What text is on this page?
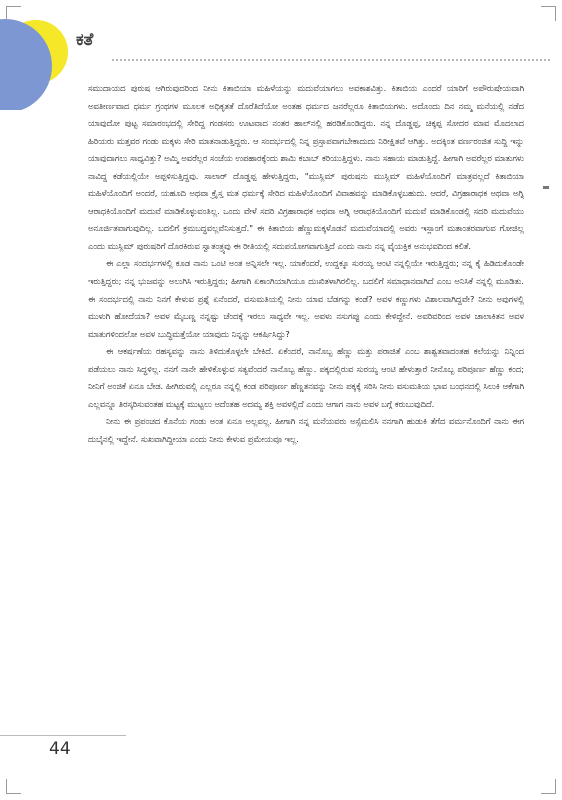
ಕತೆ

ಸಮುದಾಯದ ಪುರುಷ ಆಗಿರುವುದರಿಂದ ನೀನು ಕಿತಾಬಿಯಾ ಮಹಿಳೆಯನ್ನು ಮದುವೆಯಾಗಲು ಅವಕಾಶವಿತ್ತು. ಕಿತಾಬಿಯ ಎಂದರೆ ಯಾರಿಗೆ ಅಪೌರುಷೇಯವಾಗಿ ಅವತೀರ್ಣವಾದ ಧರ್ಮ ಗ್ರಂಥಗಳ ಮೂಲಕ ಅಧಿಕೃತತೆ ದೊರೆತಿದೆಯೋ ಅಂತಹ ಧರ್ಮದ ಜನರೆಲ್ಲರೂ ಕಿತಾಬಿಯಗಳು. ಅದೊಂದು ದಿನ ನಮ್ಮ ಮನೆಯಲ್ಲಿ ನಡೆದ ಯಾವುದೋ ಪುಟ್ಟ ಸಮಾರಂಭದಲ್ಲಿ ಸೇರಿದ್ದ ಗಂಡಸರು ಊಟವಾದ ನಂತರ ಹಾಲ್‌ನಲ್ಲಿ ಹರಡಿಕೊಂಡಿದ್ದರು. ನನ್ನ ದೊಡ್ಡಪ್ಪ, ಚಿಕ್ಕಪ್ಪ ಸೋದರ ಮಾವ ಮೊದಲಾದ ಹಿರಿಯರು ಮತ್ತವರ ಗಂಡು ಮಕ್ಕಳು ಸೇರಿ ಮಾತನಾಡುತ್ತಿದ್ದರು. ಆ ಸಂದರ್ಭದಲ್ಲಿ ನಿನ್ನ ಪ್ರಸ್ತಾಪವಾಗಬೇಕಾದುದು ನಿರೀಕ್ಷಿತವೆ ಆಗಿತ್ತು. ಅದಕ್ಕಿಂತ ವರ್ಣರಂಜಿತ ಸುದ್ದಿ ಇನ್ನು ಯಾವುದಾಗಲು ಸಾಧ್ಯವಿತ್ತು? ಅಮ್ಮಿ ಅವರೆಲ್ಲರ ಸಂಜೆಯ ಉಪಹಾರಕ್ಕೆಂದು ಶಾಮಿ ಕಬಾಬ್ ಕರಿಯುತ್ತಿದ್ದಳು. ನಾನು ಸಹಾಯ ಮಾಡುತ್ತಿದ್ದೆ. ಹೀಗಾಗಿ ಅವರೆಲ್ಲರ ಮಾತುಗಳು ನಾವಿದ್ದ ಕಡೆಯಲ್ಲಿಯೇ ಅಪ್ಪಳಿಸುತ್ತಿದ್ದವು. ಸಾಲಾರ್ ದೊಡ್ಡಪ್ಪ ಹೇಳುತ್ತಿದ್ದರು, "ಮುಸ್ಲಿಮ್ ಪುರುಷನು ಮುಸ್ಲಿಮ್ ಮಹಿಳೆಯೊಂದಿಗೆ ಮಾತ್ರವಲ್ಲದೆ ಕಿತಾಬಿಯಾ ಮಹಿಳೆಯೊಂದಿಗೆ ಅಂದರೆ, ಯಹೂದಿ ಅಥವಾ ಕ್ರೈಸ್ತ ಮತ ಧರ್ಮಕ್ಕೆ ಸೇರಿದ ಮಹಿಳೆಯೊಂದಿಗೆ ವಿವಾಹವನ್ನು ಮಾಡಿಕೊಳ್ಳಬಹುದು. ಆದರೆ, ವಿಗ್ರಹಾರಾಧಕ ಅಥವಾ ಅಗ್ನಿ ಆರಾಧಕಿಯೊಂದಿಗೆ ಮದುವೆ ಮಾಡಿಕೊಳ್ಳುವಂತಿಲ್ಲ. ಒಂದು ವೇಳೆ ಸದರಿ ವಿಗ್ರಹಾರಾಧಕ ಅಥವಾ ಅಗ್ನಿ ಆರಾಧಕಿಯೊಂದಿಗೆ ಮದುವೆ ಮಾಡಿಕೊಂಡಲ್ಲಿ ಸದರಿ ಮದುವೆಯು ಅನೂರ್ಜಿತವಾಗುವುದಿಲ್ಲ. ಬದಲಿಗೆ ಕ್ರಮಬದ್ಧವಲ್ಲವೆನಿಸುತ್ತದೆ." ಈ ಕಿತಾಬಿಯ ಹೆಣ್ಣುಮಕ್ಕಳೊಡನೆ ಮದುವೆಯಾದಲ್ಲಿ ಅವರು ಇಸ್ಲಾಂಗೆ ಮತಾಂತರವಾಗುವ ಗೋಜಿಲ್ಲ ಎಂದು ಮುಸ್ಲಿಮ್ ಪುರುಷರಿಗೆ ದೊರಕಿರುವ ಸ್ವಾತಂತ್ರ್ಯವು ಈ ರೀತಿಯಲ್ಲಿ ಸದುಪಯೋಗವಾಗುತ್ತಿದೆ ಎಂದು ನಾನು ನನ್ನ ವೈಯಕ್ತಿಕ ಅನುಭವದಿಂದ ಕಲಿತೆ.

ಈ ಎಲ್ಲಾ ಸಂದರ್ಭಗಳಲ್ಲಿ ಕೂಡ ನಾನು ಒಂಟಿ ಅಂತ ಅನ್ನಿಸಲೇ ಇಲ್ಲ. ಯಾಕೆಂದರೆ, ಉದ್ದಕ್ಕೂ ಸುರಯ್ಯ ಆಂಟಿ ನನ್ನಲ್ಲಿಯೇ ಇರುತ್ತಿದ್ದರು; ನನ್ನ ಕೈ ಹಿಡಿದುಕೊಂಡೇ ಇರುತ್ತಿದ್ದರು; ನನ್ನ ಭುಜವನ್ನು ಅಲುಗಿಸಿ ಇರುತ್ತಿದ್ದರು; ಹೀಗಾಗಿ ಏಕಾಂಗಿಯಾಗಿಯೂ ದುಃಖಿತಳಾಗಿರಲಿಲ್ಲ. ಬದಲಿಗೆ ಸಮಾಧಾನವಾಗಿದೆ ಎಂಬ ಅನಿಸಿಕೆ ನನ್ನಲ್ಲಿ ಮೂಡಿತು. ಈ ಸಂದರ್ಭದಲ್ಲಿ ನಾನು ನಿನಗೆ ಕೇಳುವ ಪ್ರಶ್ನೆ ಏನೆಂದರೆ, ವಸುಮತಿಯಲ್ಲಿ ನೀನು ಯಾವ ಬೆಡಗನ್ನು ಕಂಡೆ? ಅವಳ ಕಣ್ಣುಗಳು ವಿಶಾಲವಾಗಿದ್ದವೇ? ನೀನು ಅವುಗಳಲ್ಲಿ ಮುಳುಗಿ ಹೋದೆಯಾ? ಅವಳ ಮೈಬಣ್ಣ ನನ್ನಷ್ಟು ಚೆಂದಕ್ಕೆ ಇರಲು ಸಾಧ್ಯವೇ ಇಲ್ಲ. ಅವಳು ನಸುಗಪ್ಪು ಎಂದು ಕೇಳಿದ್ದೇನೆ. ಅವರಿವರಿಂದ ಅವಳ ಚಾಲಾಕಿತನ ಅವಳ ಮಾತುಗಳಿಂದಲೋ ಅವಳ ಬುದ್ಧಿಮತ್ತೆಯೋ ಯಾವುದು ನಿನ್ನನ್ನು ಆಕರ್ಷಿಸಿದ್ದು?

ಈ ಆಕರ್ಷಣೆಯ ರಹಸ್ಯವನ್ನು ನಾನು ತಿಳಿದುಕೊಳ್ಳಲೇ ಬೇಕಿದೆ. ಏಕೆಂದರೆ, ನಾನೊಬ್ಬ ಹೆಣ್ಣು ಮತ್ತು ಪರಾಜಿತೆ ಎಂಬ ಶಾಶ್ವತವಾದಂತಹ ಕಲೆಯನ್ನು ನಿನ್ನಿಂದ ಪಡೆಯಲು ನಾನು ಸಿದ್ಧಳಿಲ್ಲ. ನನಗೆ ನಾನೇ ಹೇಳಿಕೊಳ್ಳುವ ಸತ್ಯವೆಂದರೆ ನಾನೊಬ್ಬ ಹೆಣ್ಣು. ಪಕ್ಕದಲ್ಲಿರುವ ಸುರಯ್ಯ ಆಂಟಿ ಹೇಳುತ್ತಾರೆ ನೀನೊಬ್ಬ ಪರಿಪೂರ್ಣ ಹೆಣ್ಣು ಕಂದ; ನೀನಿಗೆ ಅಂಜಿಕೆ ಏನೂ ಬೇಡ. ಹೀಗಿರುವಲ್ಲಿ ಎಲ್ಲರೂ ನನ್ನಲ್ಲಿ ಕಂಡ ಪರಿಪೂರ್ಣ ಹೆಣ್ಣತನವನ್ನು ನೀನು ಪಕ್ಕಕ್ಕೆ ಸರಿಸಿ ನೀನು ವಸುಮತಿಯ ಭಾವ ಬಂಧನದಲ್ಲಿ ಸಿಲುಕಿ ಆಕೆಗಾಗಿ ಎಲ್ಲವನ್ನೂ ತಿರಸ್ಕರಿಸುವಂತಹ ಮಟ್ಟಕ್ಕೆ ಮುಟ್ಟಲು ಅದೆಂತಹ ಅದಮ್ಯ ಶಕ್ತಿ ಅವಳಲ್ಲಿದೆ ಎಂದು ಆಗಾಗ ನಾನು ಅವಳ ಬಗ್ಗೆ ಕರುಬುವುದಿದೆ.

ನೀನು ಈ ಪ್ರಪಂಚದ ಕೊನೆಯ ಗಂಡು ಅಂತ ಏನೂ ಅಲ್ಲವಲ್ಲ. ಹೀಗಾಗಿ ನನ್ನ ಮನೆಯವರು ಅಸ್ಸೆಮಲಿಸಿ ನನಗಾಗಿ ಹುಡುಕಿ ತೆಗೆದ ವರ್ಮನೊಂದಿಗೆ ನಾನು ಈಗ ದುಬೈನಲ್ಲಿ ಇದ್ದೇನೆ. ಸುಖವಾಗಿದ್ದೀಯಾ ಎಂದು ನೀನು ಕೇಳುವ ಪ್ರಮೇಯವೂ ಇಲ್ಲ.

44
